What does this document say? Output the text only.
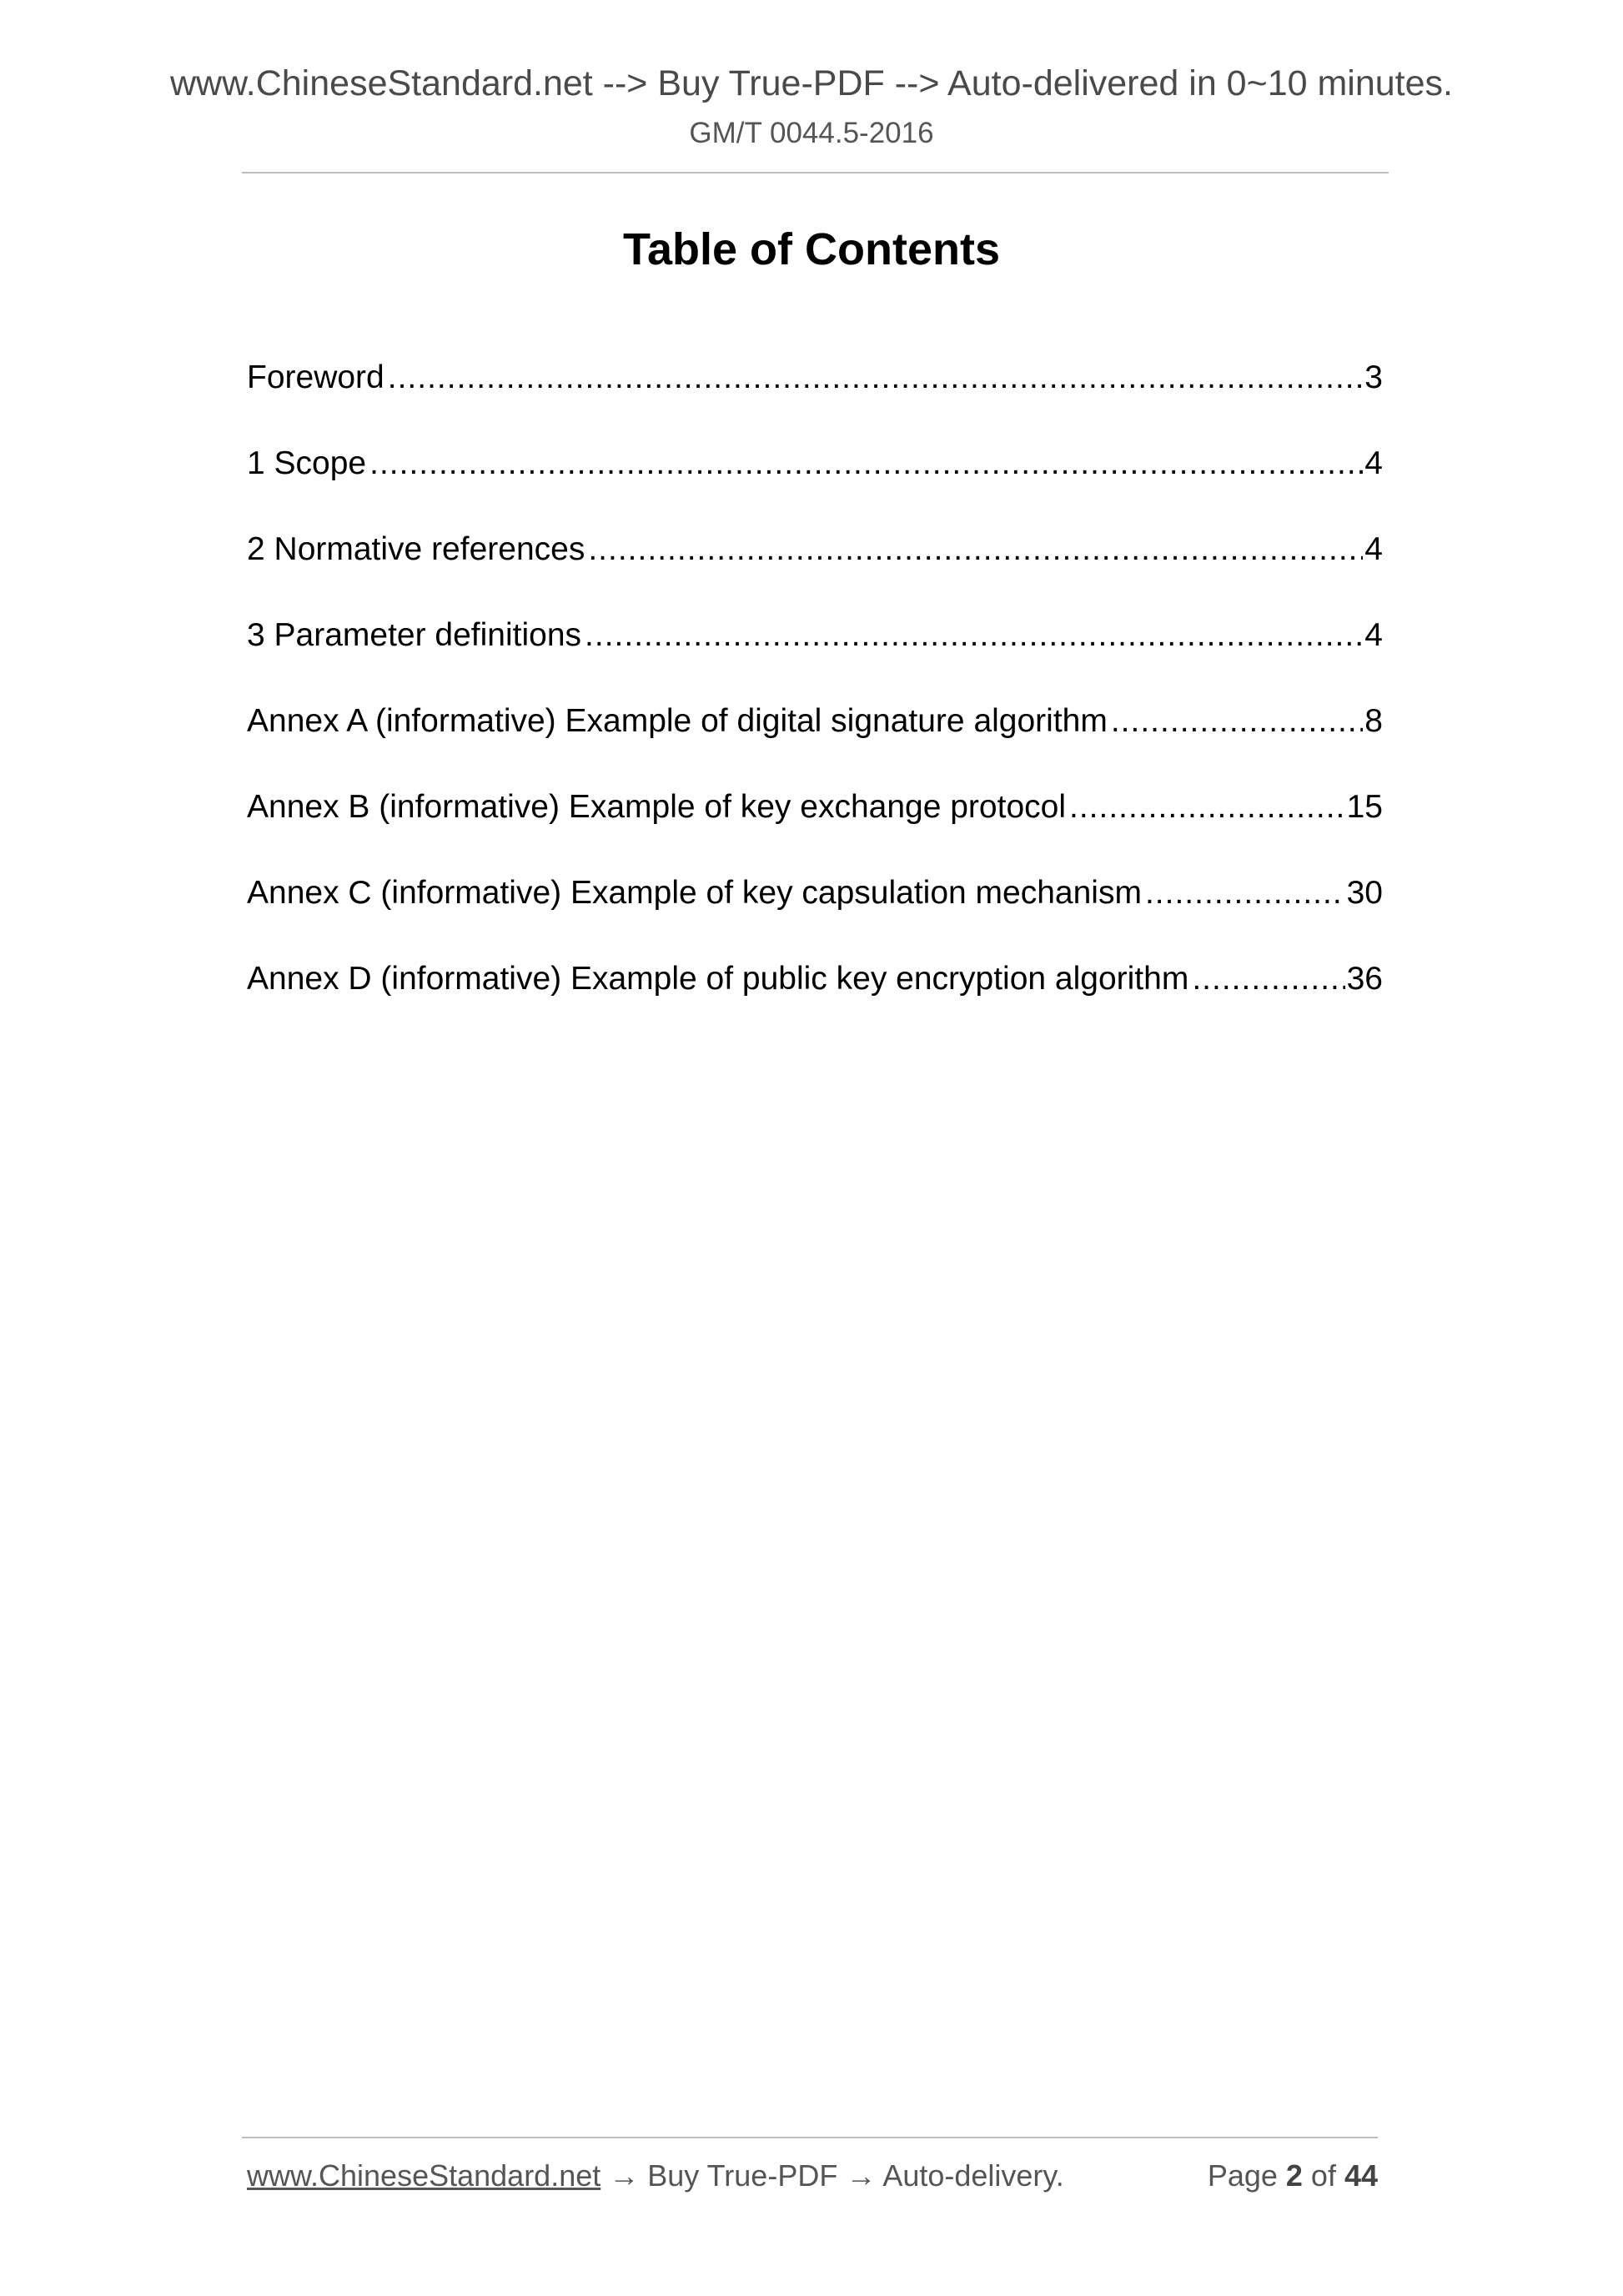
www.ChineseStandard.net --> Buy True-PDF --> Auto-delivered in 0~10 minutes.
GM/T 0044.5-2016
Table of Contents
Foreword .....	3
1 Scope .....	4
2 Normative references .....	4
3 Parameter definitions .....	4
Annex A (informative) Example of digital signature algorithm .....	8
Annex B (informative) Example of key exchange protocol .....	15
Annex C (informative) Example of key capsulation mechanism .....	30
Annex D (informative) Example of public key encryption algorithm .....	36
www.ChineseStandard.net → Buy True-PDF → Auto-delivery.	Page 2 of 44
